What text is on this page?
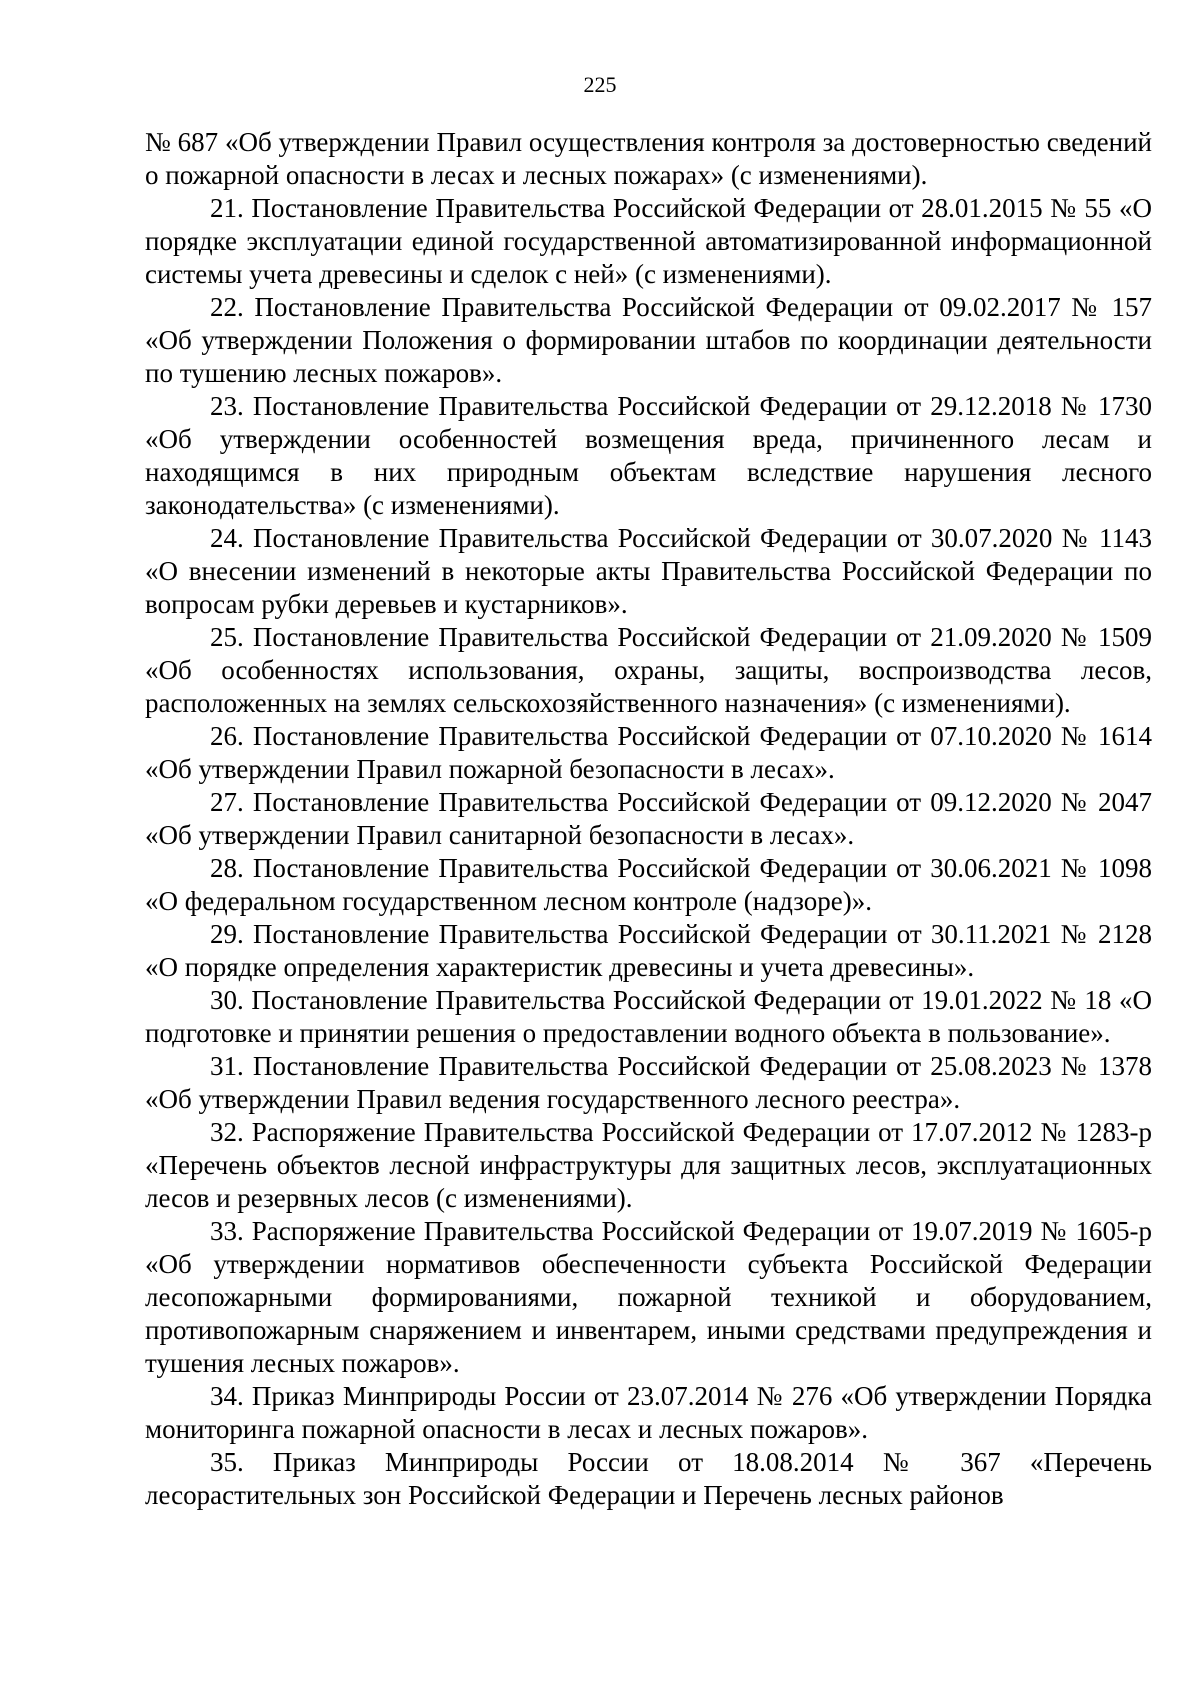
225

№ 687 «Об утверждении Правил осуществления контроля за достоверностью сведений о пожарной опасности в лесах и лесных пожарах» (с изменениями).

21. Постановление Правительства Российской Федерации от 28.01.2015 № 55 «О порядке эксплуатации единой государственной автоматизированной информационной системы учета древесины и сделок с ней» (с изменениями).

22. Постановление Правительства Российской Федерации от 09.02.2017 № 157 «Об утверждении Положения о формировании штабов по координации деятельности по тушению лесных пожаров».

23. Постановление Правительства Российской Федерации от 29.12.2018 № 1730 «Об утверждении особенностей возмещения вреда, причиненного лесам и находящимся в них природным объектам вследствие нарушения лесного законодательства» (с изменениями).

24. Постановление Правительства Российской Федерации от 30.07.2020 № 1143 «О внесении изменений в некоторые акты Правительства Российской Федерации по вопросам рубки деревьев и кустарников».

25. Постановление Правительства Российской Федерации от 21.09.2020 № 1509 «Об особенностях использования, охраны, защиты, воспроизводства лесов, расположенных на землях сельскохозяйственного назначения» (с изменениями).

26. Постановление Правительства Российской Федерации от 07.10.2020 № 1614 «Об утверждении Правил пожарной безопасности в лесах».

27. Постановление Правительства Российской Федерации от 09.12.2020 № 2047 «Об утверждении Правил санитарной безопасности в лесах».

28. Постановление Правительства Российской Федерации от 30.06.2021 № 1098 «О федеральном государственном лесном контроле (надзоре)».

29. Постановление Правительства Российской Федерации от 30.11.2021 № 2128 «О порядке определения характеристик древесины и учета древесины».

30. Постановление Правительства Российской Федерации от 19.01.2022 № 18 «О подготовке и принятии решения о предоставлении водного объекта в пользование».

31. Постановление Правительства Российской Федерации от 25.08.2023 № 1378 «Об утверждении Правил ведения государственного лесного реестра».

32. Распоряжение Правительства Российской Федерации от 17.07.2012 № 1283-р «Перечень объектов лесной инфраструктуры для защитных лесов, эксплуатационных лесов и резервных лесов (с изменениями).

33. Распоряжение Правительства Российской Федерации от 19.07.2019 № 1605-р «Об утверждении нормативов обеспеченности субъекта Российской Федерации лесопожарными формированиями, пожарной техникой и оборудованием, противопожарным снаряжением и инвентарем, иными средствами предупреждения и тушения лесных пожаров».

34. Приказ Минприроды России от 23.07.2014 № 276 «Об утверждении Порядка мониторинга пожарной опасности в лесах и лесных пожаров».

35. Приказ Минприроды России от 18.08.2014 № 367 «Перечень лесорастительных зон Российской Федерации и Перечень лесных районов
